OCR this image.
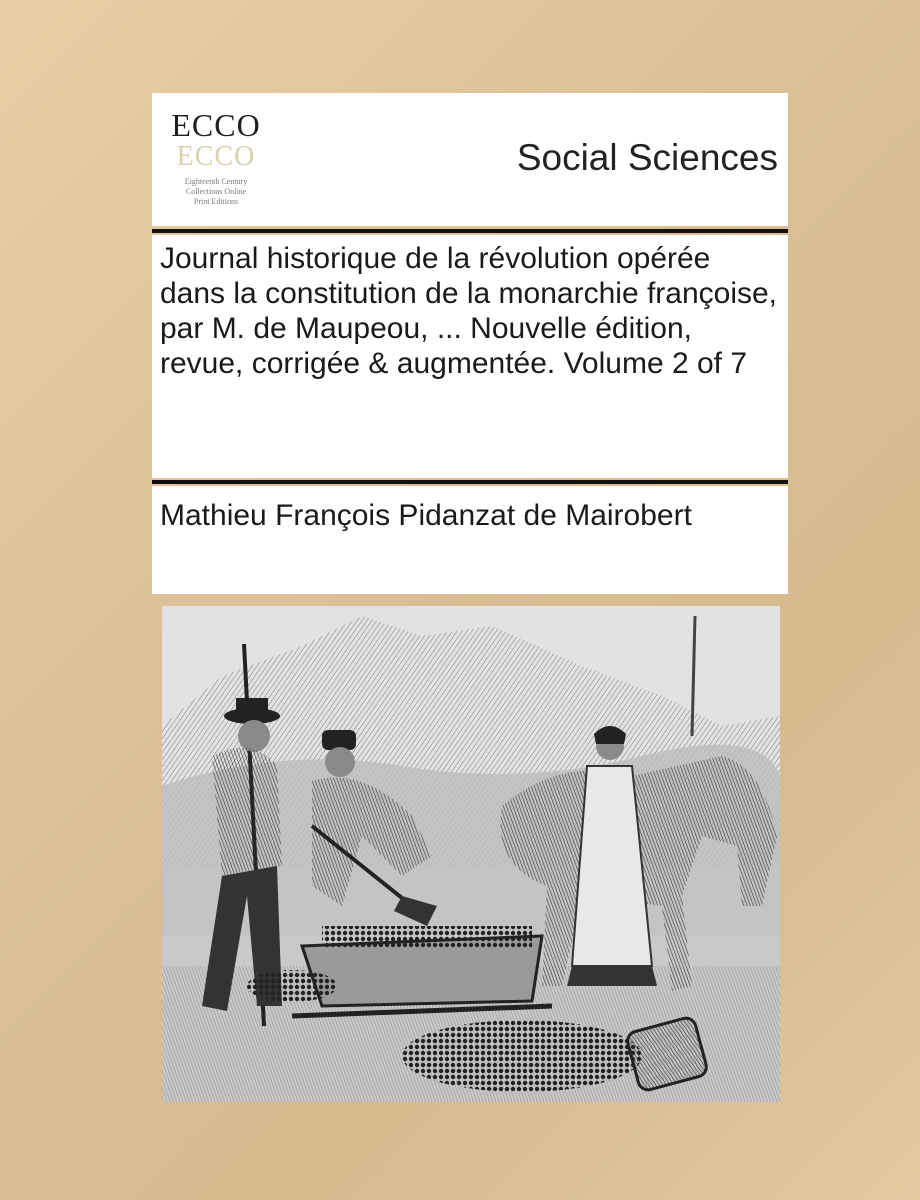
ECCO
ECCO
Eighteenth Century
Collections Online
Print Editions
Social Sciences
Journal historique de la révolution opérée dans la constitution de la monarchie françoise, par M. de Maupeou, ... Nouvelle édition, revue, corrigée & augmentée. Volume 2 of 7
Mathieu François Pidanzat de Mairobert
